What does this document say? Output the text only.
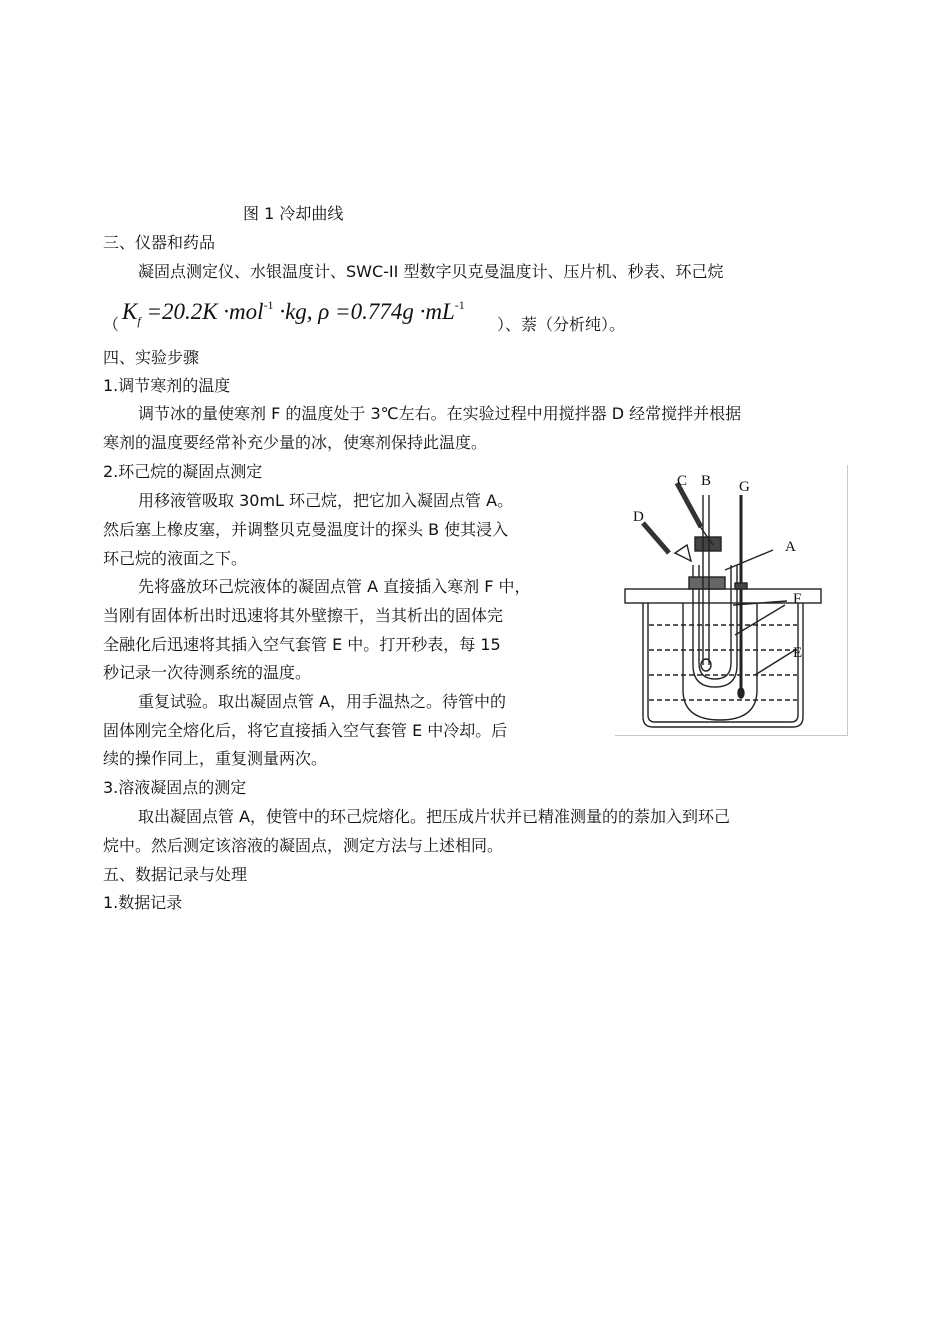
图 1 冷却曲线
三、仪器和药品
凝固点测定仪、水银温度计、SWC-II 型数字贝克曼温度计、压片机、秒表、环己烷
（
$K_f =20.2K \cdot mol^{-1} \cdot kg$, $\rho =0.774g \cdot mL^{-1}$
）、萘（分析纯）。
四、实验步骤
1.调节寒剂的温度
调节冰的量使寒剂 F 的温度处于 3℃左右。在实验过程中用搅拌器 D 经常搅拌并根据
寒剂的温度要经常补充少量的冰，使寒剂保持此温度。
2.环己烷的凝固点测定
用移液管吸取 30mL 环己烷，把它加入凝固点管 A。
然后塞上橡皮塞，并调整贝克曼温度计的探头 B 使其浸入
环己烷的液面之下。
先将盛放环己烷液体的凝固点管 A 直接插入寒剂 F 中，
当刚有固体析出时迅速将其外壁擦干，当其析出的固体完
全融化后迅速将其插入空气套管 E 中。打开秒表，每 15
秒记录一次待测系统的温度。
重复试验。取出凝固点管 A，用手温热之。待管中的
固体刚完全熔化后，将它直接插入空气套管 E 中冷却。后
续的操作同上，重复测量两次。
3.溶液凝固点的测定
取出凝固点管 A，使管中的环己烷熔化。把压成片状并已精准测量的的萘加入到环己
烷中。然后测定该溶液的凝固点，测定方法与上述相同。
五、数据记录与处理
1.数据记录
C B G
D
A
F
E
